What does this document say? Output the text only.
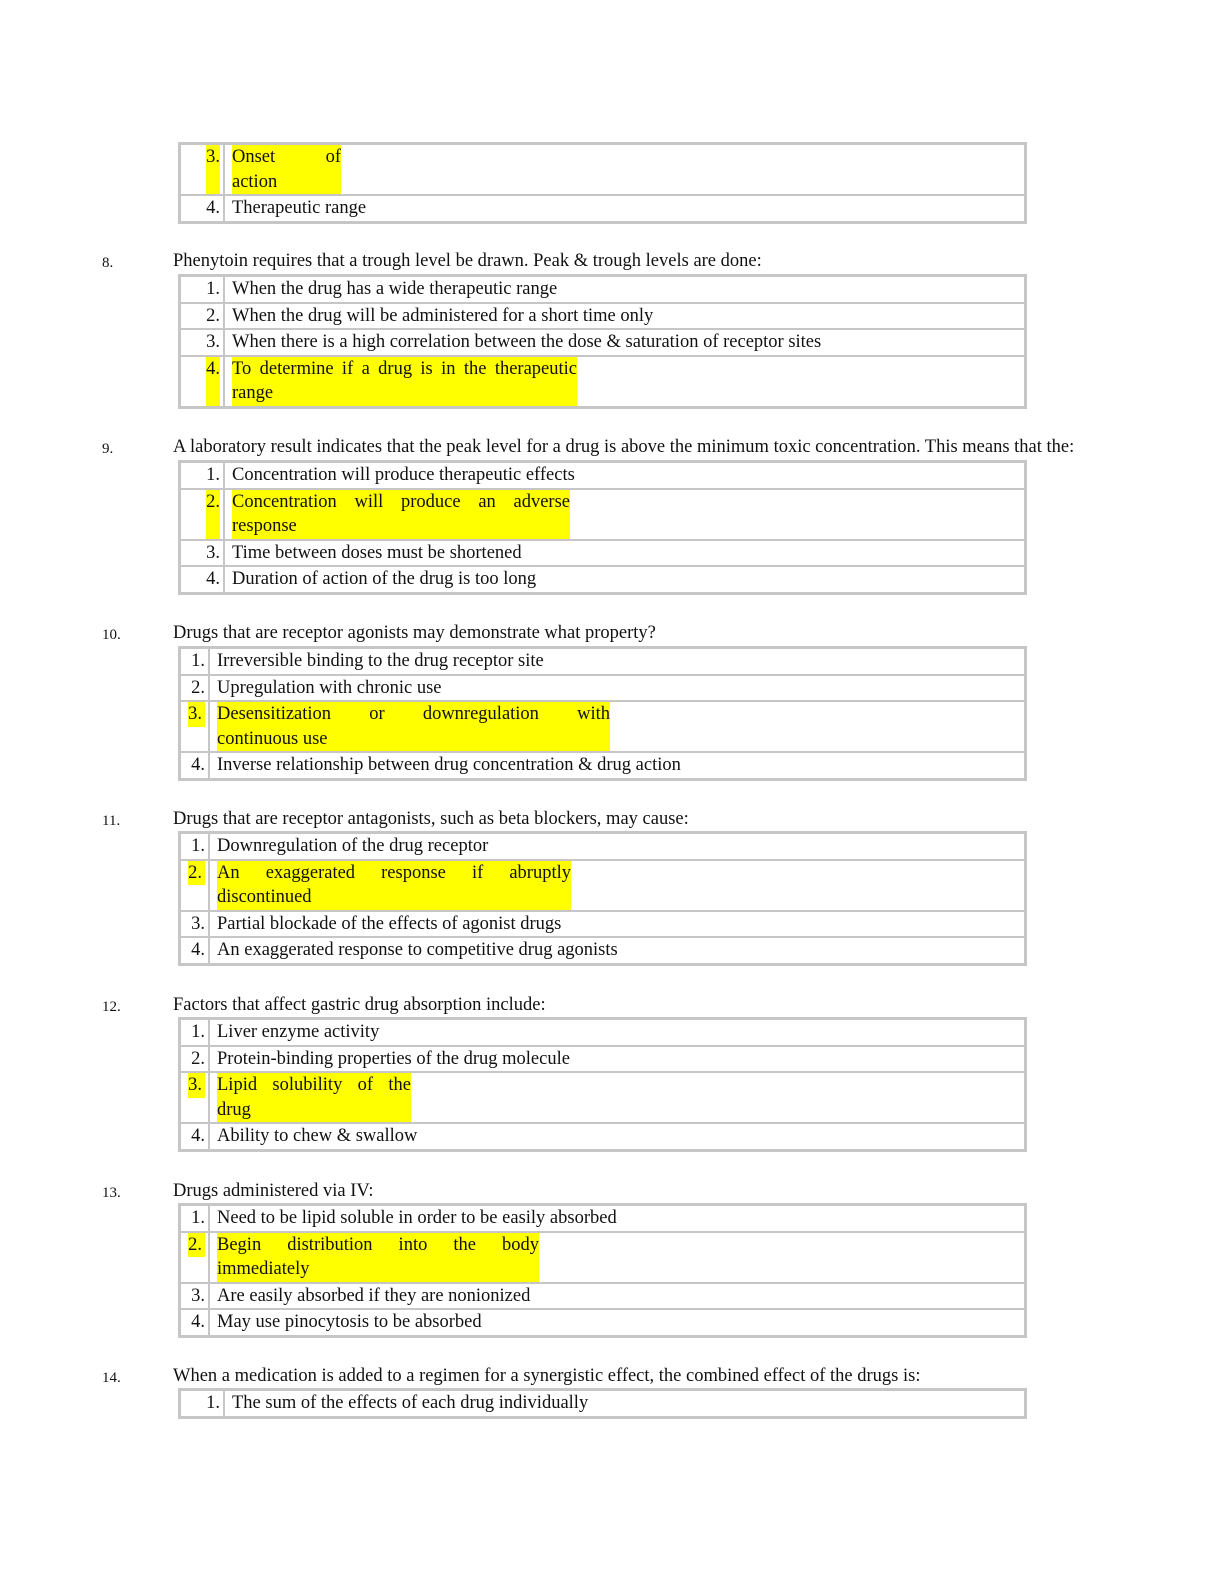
3.	Onset of
action

4.	Therapeutic range
8.	Phenytoin requires that a trough level be drawn. Peak & trough levels are done:
1.	When the drug has a wide therapeutic range
2.	When the drug will be administered for a short time only
3.	When there is a high correlation between the dose & saturation of receptor sites

4.	To determine if a drug is in the therapeutic
range
9.	A laboratory result indicates that the peak level for a drug is above the minimum toxic concentration. This means that the:
1.	Concentration will produce therapeutic effects

2.	Concentration will produce an adverse
response

3.	Time between doses must be shortened
4.	Duration of action of the drug is too long
10.	Drugs that are receptor agonists may demonstrate what property?
1.	Irreversible binding to the drug receptor site
2.	Upregulation with chronic use
3.	Desensitization or downregulation with
continuous use

4.	Inverse relationship between drug concentration & drug action
11.	Drugs that are receptor antagonists, such as beta blockers, may cause:
1.	Downregulation of the drug receptor
2.	An exaggerated response if abruptly
discontinued

3.	Partial blockade of the effects of agonist drugs
4.	An exaggerated response to competitive drug agonists
12.	Factors that affect gastric drug absorption include:
1.	Liver enzyme activity
2.	Protein-binding properties of the drug molecule
3.	Lipid solubility of the
drug

4.	Ability to chew & swallow
13.	Drugs administered via IV:
1.	Need to be lipid soluble in order to be easily absorbed
2.	Begin distribution into the body
immediately

3.	Are easily absorbed if they are nonionized
4.	May use pinocytosis to be absorbed
14.	When a medication is added to a regimen for a synergistic effect, the combined effect of the drugs is:
1.	The sum of the effects of each drug individually
